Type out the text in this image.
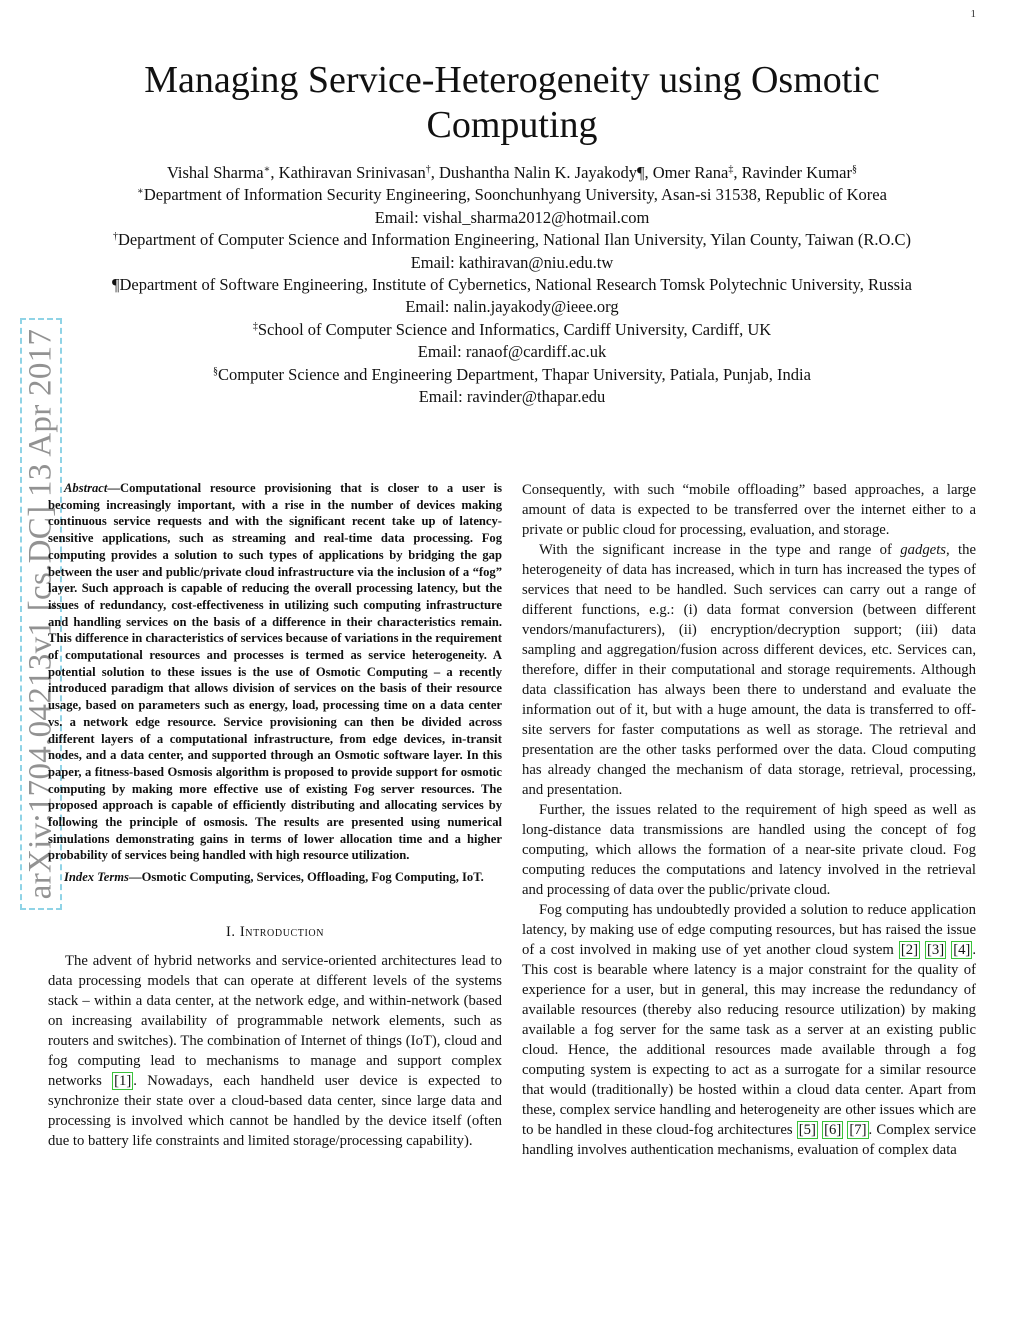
1
Managing Service-Heterogeneity using Osmotic Computing
Vishal Sharma∗, Kathiravan Srinivasan†, Dushantha Nalin K. Jayakody¶, Omer Rana‡, Ravinder Kumar§
∗Department of Information Security Engineering, Soonchunhyang University, Asan-si 31538, Republic of Korea
Email: vishal_sharma2012@hotmail.com
†Department of Computer Science and Information Engineering, National Ilan University, Yilan County, Taiwan (R.O.C)
Email: kathiravan@niu.edu.tw
¶Department of Software Engineering, Institute of Cybernetics, National Research Tomsk Polytechnic University, Russia
Email: nalin.jayakody@ieee.org
‡School of Computer Science and Informatics, Cardiff University, Cardiff, UK
Email: ranaof@cardiff.ac.uk
§Computer Science and Engineering Department, Thapar University, Patiala, Punjab, India
Email: ravinder@thapar.edu
arXiv:1704.04213v1 [cs.DC] 13 Apr 2017 Abstract—Computational resource provisioning that is closer to a user is becoming increasingly important, with a rise in the number of devices making continuous service requests and with the significant recent take up of latency-sensitive applications, such as streaming and real-time data processing. Fog computing provides a solution to such types of applications by bridging the gap between the user and public/private cloud infrastructure via the inclusion of a “fog” layer. Such approach is capable of reducing the overall processing latency, but the issues of redundancy, cost-effectiveness in utilizing such computing infrastructure and handling services on the basis of a difference in their characteristics remain. This difference in characteristics of services because of variations in the requirement of computational resources and processes is termed as service heterogeneity. A potential solution to these issues is the use of Osmotic Computing – a recently introduced paradigm that allows division of services on the basis of their resource usage, based on parameters such as energy, load, processing time on a data center vs. a network edge resource. Service provisioning can then be divided across different layers of a computational infrastructure, from edge devices, in-transit nodes, and a data center, and supported through an Osmotic software layer. In this paper, a fitness-based Osmosis algorithm is proposed to provide support for osmotic computing by making more effective use of existing Fog server resources. The proposed approach is capable of efficiently distributing and allocating services by following the principle of osmosis. The results are presented using numerical simulations demonstrating gains in terms of lower allocation time and a higher probability of services being handled with high resource utilization.

Index Terms—Osmotic Computing, Services, Offloading, Fog Computing, IoT.

I. Introduction

The advent of hybrid networks and service-oriented architectures lead to data processing models that can operate at different levels of the systems stack – within a data center, at the network edge, and within-network (based on increasing availability of programmable network elements, such as routers and switches). The combination of Internet of things (IoT), cloud and fog computing lead to mechanisms to manage and support complex networks [1] . Nowadays, each handheld user device is expected to synchronize their state over a cloud-based data center, since large data and processing is involved which cannot be handled by the device itself (often due to battery life constraints and limited storage/processing capability).

Consequently, with such “mobile offloading” based approaches, a large amount of data is expected to be transferred over the internet either to a private or public cloud for processing, evaluation, and storage.

With the significant increase in the type and range of gadgets, the heterogeneity of data has increased, which in turn has increased the types of services that need to be handled. Such services can carry out a range of different functions, e.g.: (i) data format conversion (between different vendors/manufacturers), (ii) encryption/decryption support; (iii) data sampling and aggregation/fusion across different devices, etc. Services can, therefore, differ in their computational and storage requirements. Although data classification has always been there to understand and evaluate the information out of it, but with a huge amount, the data is transferred to off-site servers for faster computations as well as storage. The retrieval and presentation are the other tasks performed over the data. Cloud computing has already changed the mechanism of data storage, retrieval, processing, and presentation.

Further, the issues related to the requirement of high speed as well as long-distance data transmissions are handled using the concept of fog computing, which allows the formation of a near-site private cloud. Fog computing reduces the computations and latency involved in the retrieval and processing of data over the public/private cloud.

Fog computing has undoubtedly provided a solution to reduce application latency, by making use of edge computing resources, but has raised the issue of a cost involved in making use of yet another cloud system [2] [3] [4] . This cost is bearable where latency is a major constraint for the quality of experience for a user, but in general, this may increase the redundancy of available resources (thereby also reducing resource utilization) by making available a fog server for the same task as a server at an existing public cloud. Hence, the additional resources made available through a fog computing system is expecting to act as a surrogate for a similar resource that would (traditionally) be hosted within a cloud data center. Apart from these, complex service handling and heterogeneity are other issues which are to be handled in these cloud-fog architectures [5] [6] [7] . Complex service handling involves authentication mechanisms, evaluation of complex data
